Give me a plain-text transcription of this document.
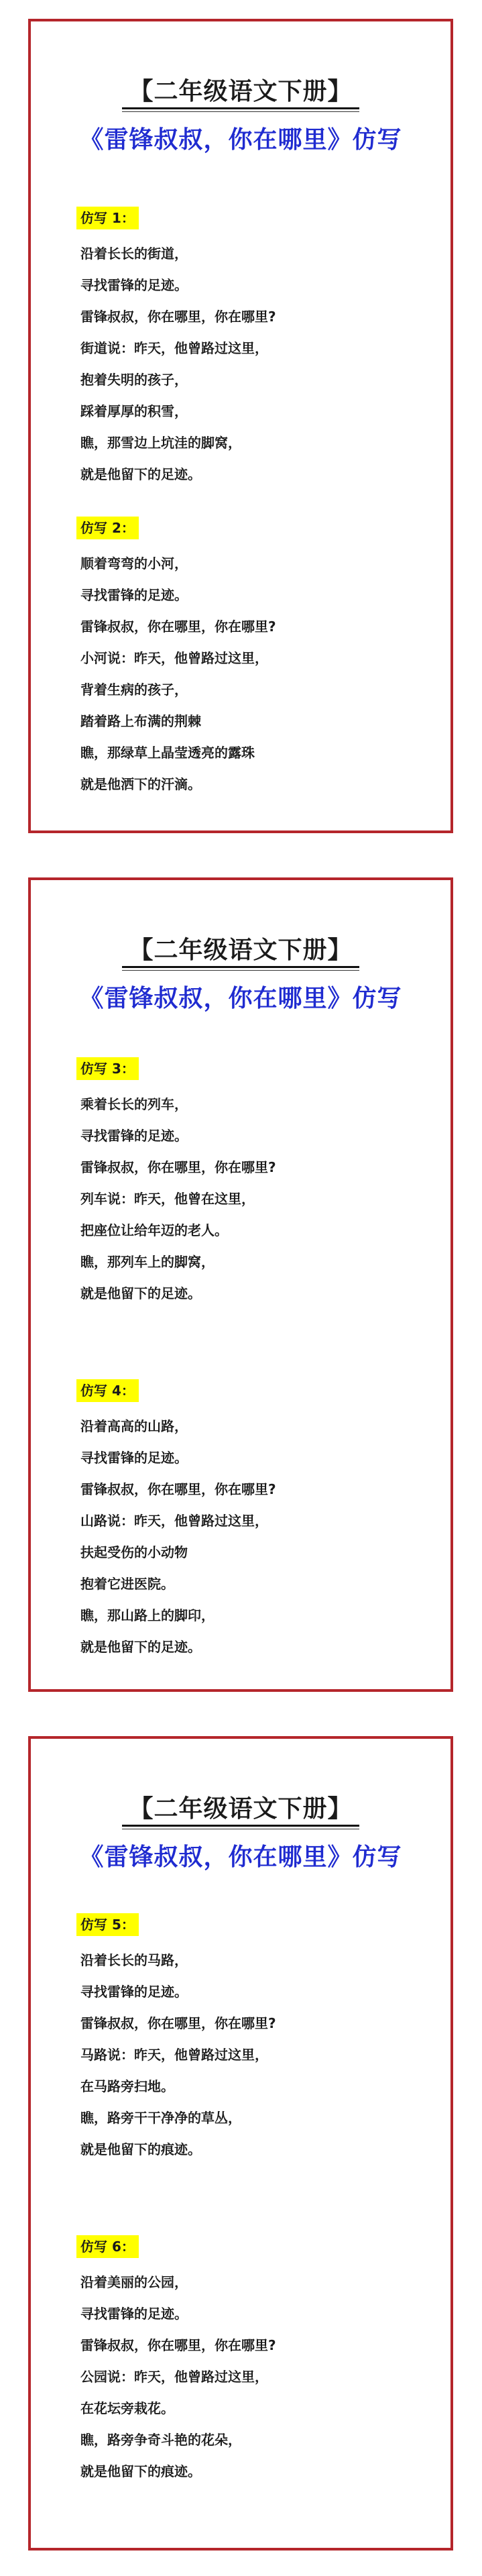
【二年级语文下册】
《雷锋叔叔，你在哪里》仿写
仿写 1：
沿着长长的街道，
寻找雷锋的足迹。
雷锋叔叔，你在哪里，你在哪里?
街道说：昨天，他曾路过这里，
抱着失明的孩子，
踩着厚厚的积雪，
瞧，那雪边上坑洼的脚窝，
就是他留下的足迹。
仿写 2：
顺着弯弯的小河，
寻找雷锋的足迹。
雷锋叔叔，你在哪里，你在哪里?
小河说：昨天，他曾路过这里，
背着生病的孩子，
踏着路上布满的荆棘
瞧，那绿草上晶莹透亮的露珠
就是他洒下的汗滴。
【二年级语文下册】
《雷锋叔叔，你在哪里》仿写
仿写 3：
乘着长长的列车，
寻找雷锋的足迹。
雷锋叔叔，你在哪里，你在哪里?
列车说：昨天，他曾在这里，
把座位让给年迈的老人。
瞧，那列车上的脚窝，
就是他留下的足迹。
仿写 4：
沿着高高的山路，
寻找雷锋的足迹。
雷锋叔叔，你在哪里，你在哪里?
山路说：昨天，他曾路过这里，
扶起受伤的小动物
抱着它进医院。
瞧，那山路上的脚印，
就是他留下的足迹。
【二年级语文下册】
《雷锋叔叔，你在哪里》仿写
仿写 5：
沿着长长的马路，
寻找雷锋的足迹。
雷锋叔叔，你在哪里，你在哪里?
马路说：昨天，他曾路过这里，
在马路旁扫地。
瞧，路旁干干净净的草丛，
就是他留下的痕迹。
仿写 6：
沿着美丽的公园，
寻找雷锋的足迹。
雷锋叔叔，你在哪里，你在哪里?
公园说：昨天，他曾路过这里，
在花坛旁栽花。
瞧，路旁争奇斗艳的花朵，
就是他留下的痕迹。
